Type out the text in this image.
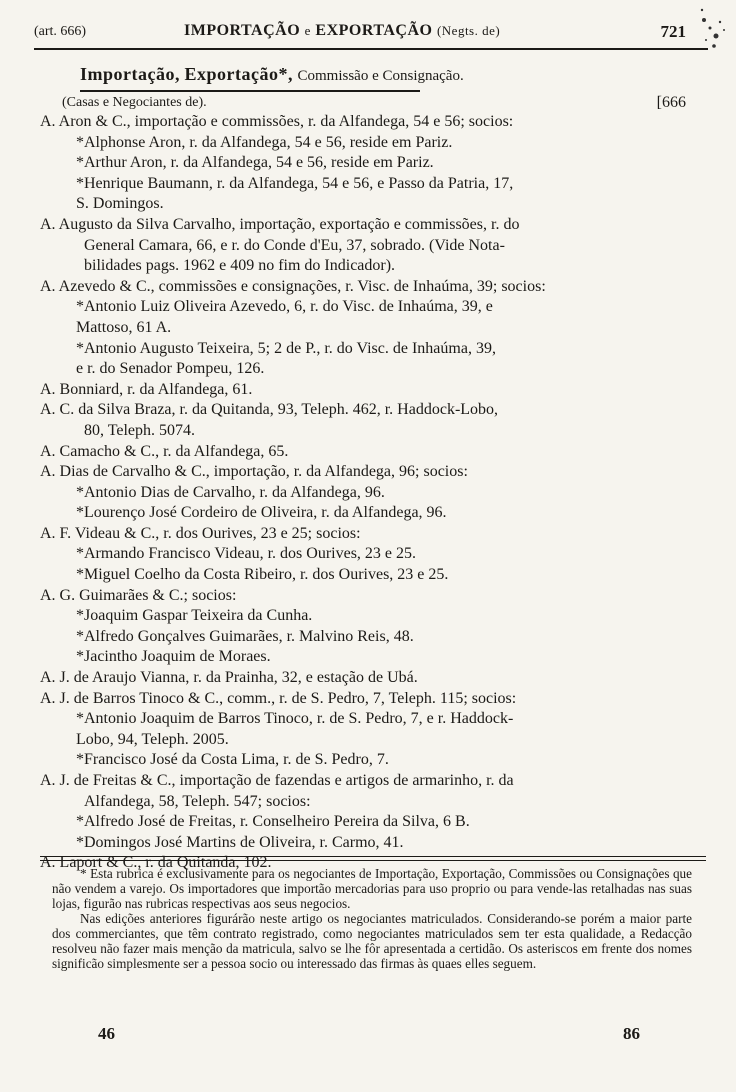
(art. 666)	IMPORTAÇÃO e EXPORTAÇÃO (Negts. de)	721
Importação, Exportação*, Commissão e Consignação.
(Casas e Negociantes de).	[666
A. Aron & C., importação e commissões, r. da Alfandega, 54 e 56; socios:
*Alphonse Aron, r. da Alfandega, 54 e 56, reside em Pariz.
*Arthur Aron, r. da Alfandega, 54 e 56, reside em Pariz.
*Henrique Baumann, r. da Alfandega, 54 e 56, e Passo da Patria, 17,
S. Domingos.
A. Augusto da Silva Carvalho, importação, exportação e commissões, r. do
General Camara, 66, e r. do Conde d'Eu, 37, sobrado. (Vide Nota-
bilidades pags. 1962 e 409 no fim do Indicador).
A. Azevedo & C., commissões e consignações, r. Visc. de Inhaúma, 39; socios:
*Antonio Luiz Oliveira Azevedo, 6, r. do Visc. de Inhaúma, 39, e
Mattoso, 61 A.
*Antonio Augusto Teixeira, 5; 2 de P., r. do Visc. de Inhaúma, 39,
e r. do Senador Pompeu, 126.
A. Bonniard, r. da Alfandega, 61.
A. C. da Silva Braza, r. da Quitanda, 93, Teleph. 462, r. Haddock-Lobo,
80, Teleph. 5074.
A. Camacho & C., r. da Alfandega, 65.
A. Dias de Carvalho & C., importação, r. da Alfandega, 96; socios:
*Antonio Dias de Carvalho, r. da Alfandega, 96.
*Lourenço José Cordeiro de Oliveira, r. da Alfandega, 96.
A. F. Videau & C., r. dos Ourives, 23 e 25; socios:
*Armando Francisco Videau, r. dos Ourives, 23 e 25.
*Miguel Coelho da Costa Ribeiro, r. dos Ourives, 23 e 25.
A. G. Guimarães & C.; socios:
*Joaquim Gaspar Teixeira da Cunha.
*Alfredo Gonçalves Guimarães, r. Malvino Reis, 48.
*Jacintho Joaquim de Moraes.
A. J. de Araujo Vianna, r. da Prainha, 32, e estação de Ubá.
A. J. de Barros Tinoco & C., comm., r. de S. Pedro, 7, Teleph. 115; socios:
*Antonio Joaquim de Barros Tinoco, r. de S. Pedro, 7, e r. Haddock-
Lobo, 94, Teleph. 2005.
*Francisco José da Costa Lima, r. de S. Pedro, 7.
A. J. de Freitas & C., importação de fazendas e artigos de armarinho, r. da
Alfandega, 58, Teleph. 547; socios:
*Alfredo José de Freitas, r. Conselheiro Pereira da Silva, 6 B.
*Domingos José Martins de Oliveira, r. Carmo, 41.
A. Laport & C., r. da Quitanda, 102.

* Esta rubrica é exclusivamente para os negociantes de Importação, Exportação, Commissões ou Consignações que não vendem a varejo. Os importadores que importão mercadorias para uso proprio ou para vende-las retalhadas nas suas lojas, figurão nas rubricas respectivas aos seus negocios.

Nas edições anteriores figurárão neste artigo os negociantes matriculados. Considerando-se porém a maior parte dos commerciantes, que têm contrato registrado, como negociantes matriculados sem ter esta qualidade, a Redacção resolveu não fazer mais menção da matricula, salvo se lhe fôr apresentada a certidão. Os asteriscos em frente dos nomes significão simplesmente ser a pessoa socio ou interessado das firmas às quaes elles seguem.

46	86
